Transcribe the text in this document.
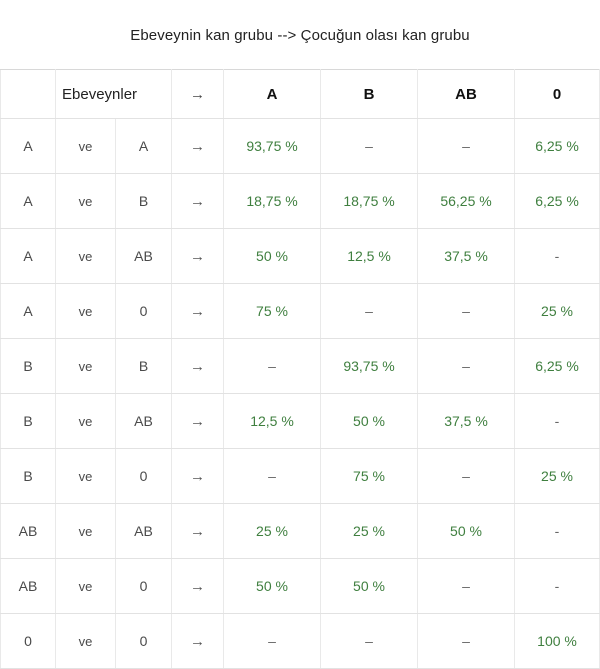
Ebeveynin kan grubu --> Çocuğun olası kan grubu
	Ebeveynler		→	A	B	AB	0
A	ve	A	→	93,75 %	–	–	6,25 %
A	ve	B	→	18,75 %	18,75 %	56,25 %	6,25 %
A	ve	AB	→	50 %	12,5 %	37,5 %	-
A	ve	0	→	75 %	–	–	25 %
B	ve	B	→	–	93,75 %	–	6,25 %
B	ve	AB	→	12,5 %	50 %	37,5 %	-
B	ve	0	→	–	75 %	–	25 %
AB	ve	AB	→	25 %	25 %	50 %	-
AB	ve	0	→	50 %	50 %	–	-
0	ve	0	→	–	–	–	100 %
